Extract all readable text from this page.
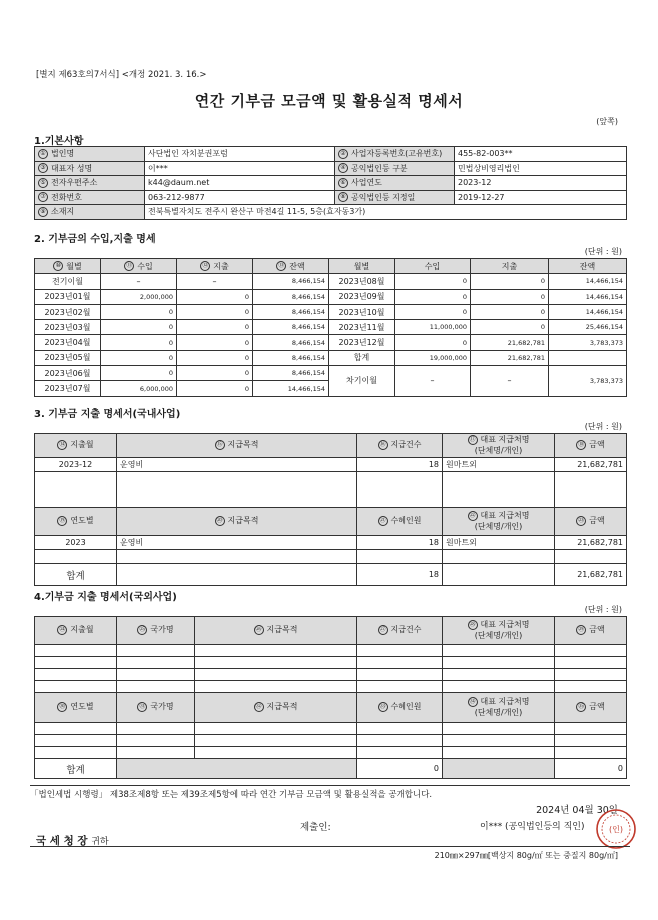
[별지 제63호의7서식] <개정 2021. 3. 16.>
연간 기부금 모금액 및 활용실적 명세서
(앞쪽)
1.기본사항
① 법인명	사단법인 자치분권포럼	② 사업자등록번호(고유번호)	455-82-003**
③ 대표자 성명	이***	④ 공익법인등 구분	민법상비영리법인
⑤ 전자우편주소	k44@daum.net	⑥ 사업연도	2023-12
⑦ 전화번호	063-212-9877	⑧ 공익법인등 지정일	2019-12-27
⑨ 소재지	전북특별자치도 전주시 완산구 마전4길 11-5, 5층(효자동3가)		
2. 기부금의 수입,지출 명세
(단위 : 원)
⑩ 월별	⑪ 수입	⑫ 지출	⑬ 잔액	월별	수입	지출	잔액
전기이월	–	–	8,466,154	2023년08월	0	0	14,466,154
2023년01월	2,000,000	0	8,466,154	2023년09월	0	0	14,466,154
2023년02월	0	0	8,466,154	2023년10월	0	0	14,466,154
2023년03월	0	0	8,466,154	2023년11월	11,000,000	0	25,466,154
2023년04월	0	0	8,466,154	2023년12월	0	21,682,781	3,783,373
2023년05월	0	0	8,466,154	합계	19,000,000	21,682,781	
2023년06월	0	0	8,466,154	차기이월	–	–	3,783,373
2023년07월	6,000,000	0	14,466,154				
3. 기부금 지출 명세서(국내사업)
(단위 : 원)
⑭ 지출월	⑮ 지급목적	⑯ 지급건수	⑰ 대표 지급처명
(단체명/개인)	⑱ 금액
2023-12	운영비	18	원마트외	21,682,781

⑲ 연도별	⑳ 지급목적	㉑ 수혜인원	㉒ 대표 지급처명
(단체명/개인)	㉓ 금액
2023	운영비	18	원마트외	21,682,781

합계		18		21,682,781
4.기부금 지출 명세서(국외사업)
(단위 : 원)
㉔ 지출월	㉕ 국가명	㉖ 지급목적	㉗ 지급건수	㉘ 대표 지급처명
(단체명/개인)	㉙ 금액

㉚ 연도별	㉛ 국가명	㉜ 지급목적	㉝ 수혜인원	㉞ 대표 지급처명
(단체명/개인)	㉟ 금액

합계			0		0
「법인세법 시행령」 제38조제8항 또는 제39조제5항에 따라 연간 기부금 모금액 및 활용실적을 공개합니다.
2024년 04월 30일
제출인:	이*** (공익법인등의 직인)	(인)
국 세 청 장 귀하
210㎜×297㎜[백상지 80g/㎡ 또는 중질지 80g/㎡]
